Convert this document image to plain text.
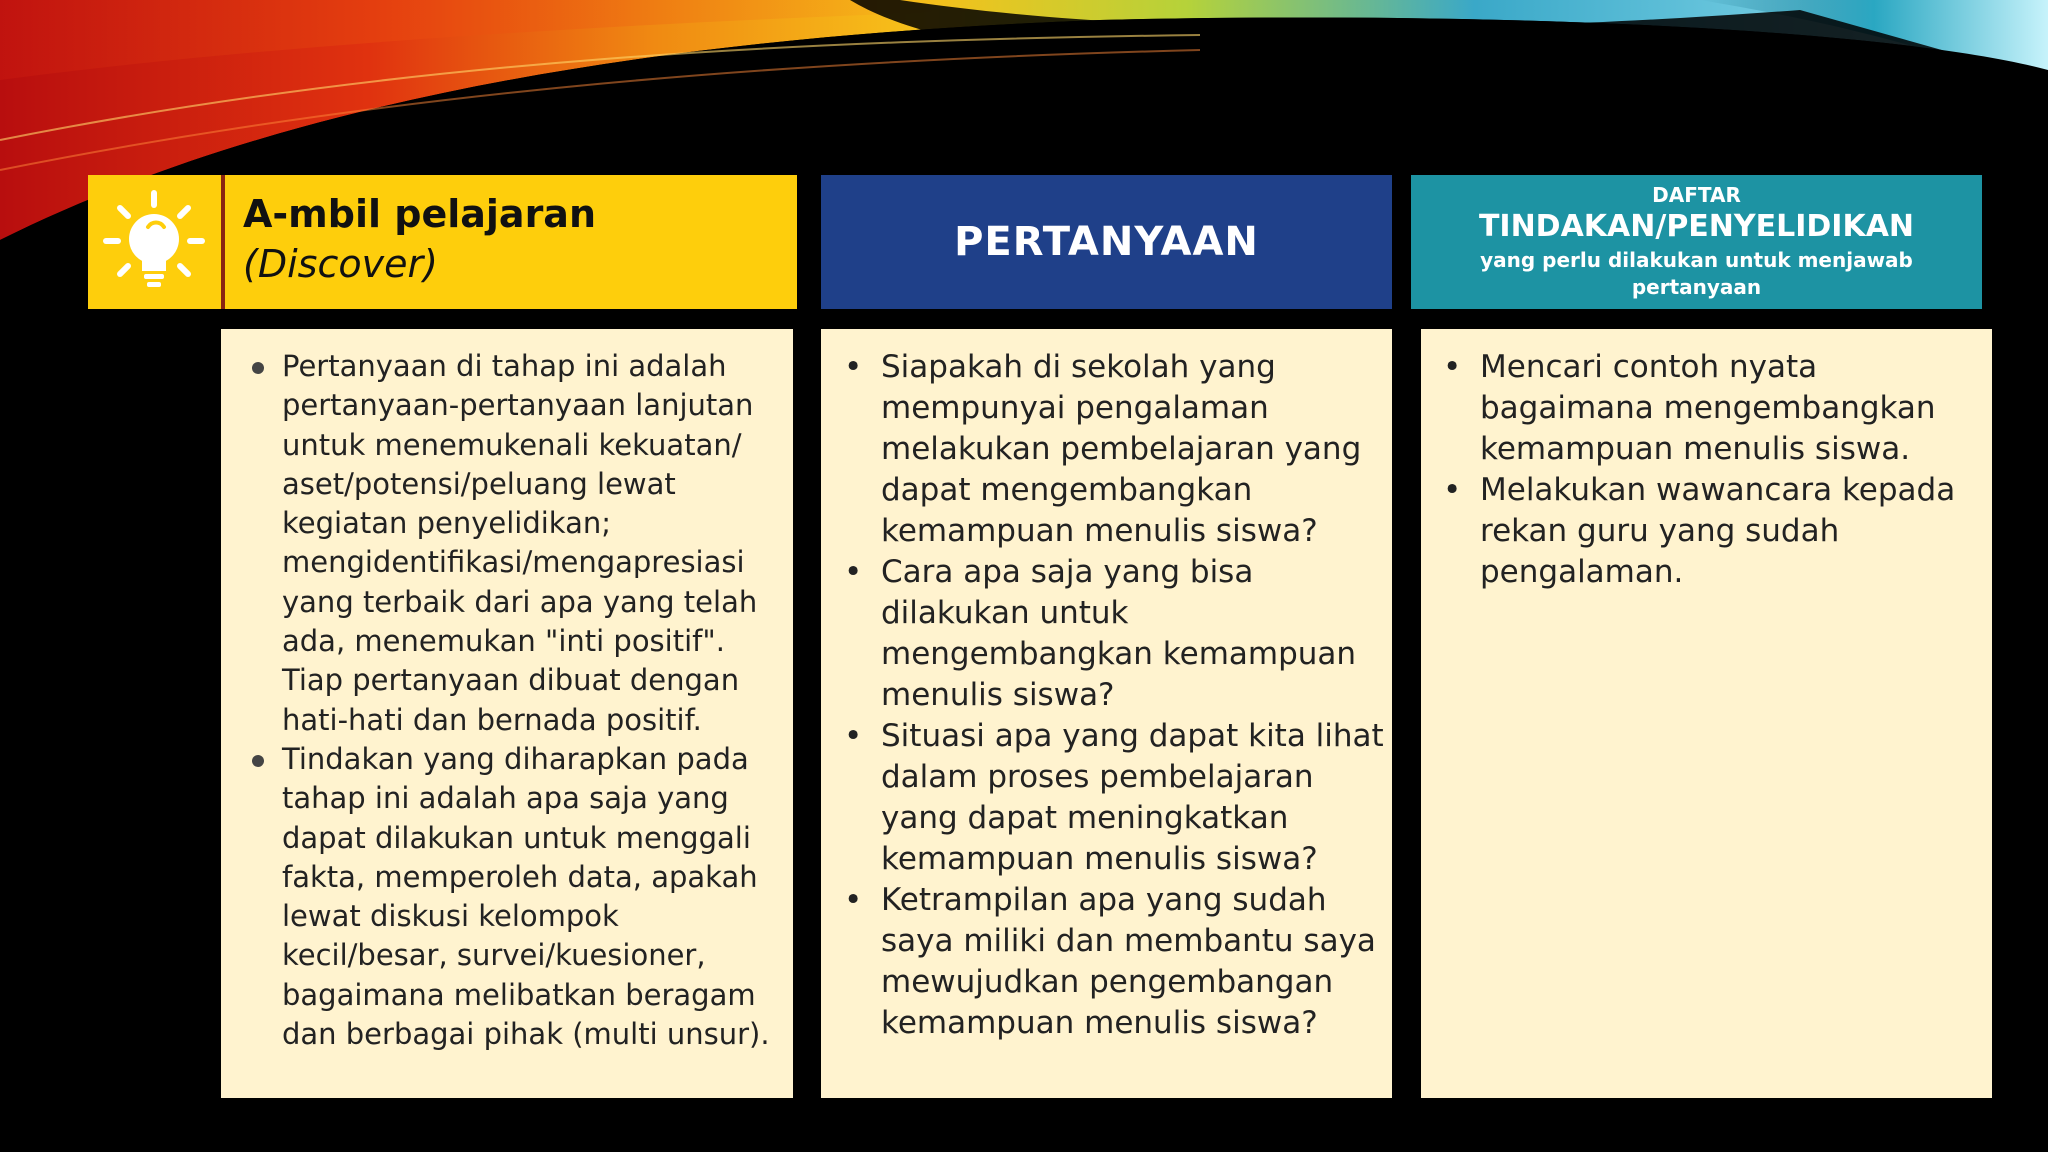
A-mbil pelajaran
(Discover)	PERTANYAAN
DAFTAR
TINDAKAN/PENYELIDIKAN
yang perlu dilakukan untuk menjawab pertanyaan
Pertanyaan di tahap ini adalah pertanyaan-pertanyaan lanjutan untuk menemukenali kekuatan/ aset/potensi/peluang lewat kegiatan penyelidikan; mengidentifikasi/mengapresiasi yang terbaik dari apa yang telah ada, menemukan "inti positif". Tiap pertanyaan dibuat dengan hati-hati dan bernada positif.
Tindakan yang diharapkan pada tahap ini adalah apa saja yang dapat dilakukan untuk menggali fakta, memperoleh data, apakah lewat diskusi kelompok kecil/besar, survei/kuesioner, bagaimana melibatkan beragam dan berbagai pihak (multi unsur).
• Siapakah di sekolah yang mempunyai pengalaman melakukan pembelajaran yang dapat mengembangkan kemampuan menulis siswa?
• Cara apa saja yang bisa dilakukan untuk mengembangkan kemampuan menulis siswa?
• Situasi apa yang dapat kita lihat dalam proses pembelajaran yang dapat meningkatkan kemampuan menulis siswa?
• Ketrampilan apa yang sudah saya miliki dan membantu saya mewujudkan pengembangan kemampuan menulis siswa?
• Mencari contoh nyata bagaimana mengembangkan kemampuan menulis siswa.
• Melakukan wawancara kepada rekan guru yang sudah pengalaman.
